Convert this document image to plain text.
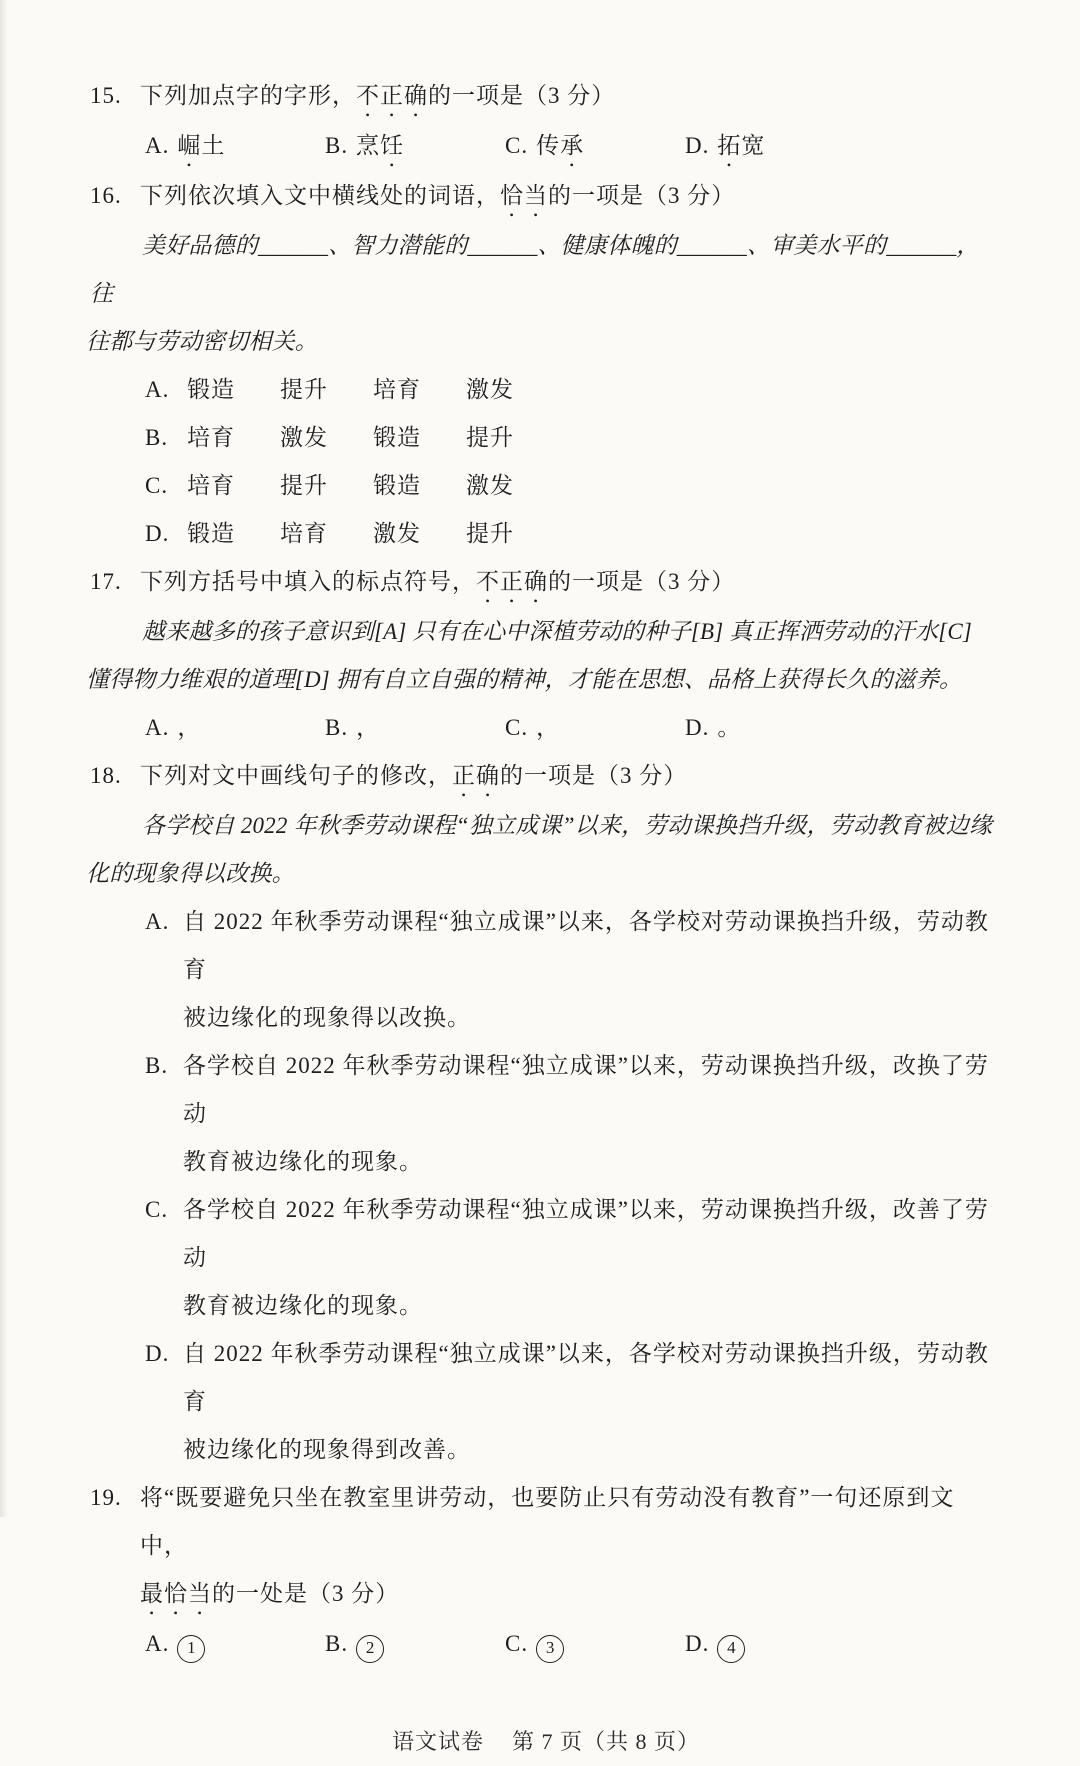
15. 下列加点字的字形，不正确的一项是（3 分）
A. 崛土	B. 烹饪	C. 传承	D. 拓宽
16. 下列依次填入文中横线处的词语，恰当的一项是（3 分）
美好品德的______、智力潜能的______、健康体魄的______、审美水平的______，往
往都与劳动密切相关。
A. 锻造 提升 培育 激发
B. 培育 激发 锻造 提升
C. 培育 提升 锻造 激发
D. 锻造 培育 激发 提升
17. 下列方括号中填入的标点符号，不正确的一项是（3 分）
越来越多的孩子意识到[A] 只有在心中深植劳动的种子[B] 真正挥洒劳动的汗水[C]
懂得物力维艰的道理[D] 拥有自立自强的精神，才能在思想、品格上获得长久的滋养。
A. ，	B. ，	C. ，	D. 。
18. 下列对文中画线句子的修改，正确的一项是（3 分）
各学校自 2022 年秋季劳动课程“独立成课”以来，劳动课换挡升级，劳动教育被边缘
化的现象得以改换。
A. 自 2022 年秋季劳动课程“独立成课”以来，各学校对劳动课换挡升级，劳动教育
被边缘化的现象得以改换。
B. 各学校自 2022 年秋季劳动课程“独立成课”以来，劳动课换挡升级，改换了劳动
教育被边缘化的现象。
C. 各学校自 2022 年秋季劳动课程“独立成课”以来，劳动课换挡升级，改善了劳动
教育被边缘化的现象。
D. 自 2022 年秋季劳动课程“独立成课”以来，各学校对劳动课换挡升级，劳动教育
被边缘化的现象得到改善。
19. 将“既要避免只坐在教室里讲劳动，也要防止只有劳动没有教育”一句还原到文中，
最恰当的一处是（3 分）
A. 1	B. 2	C. 3	D. 4
语文试卷 第 7 页（共 8 页）
